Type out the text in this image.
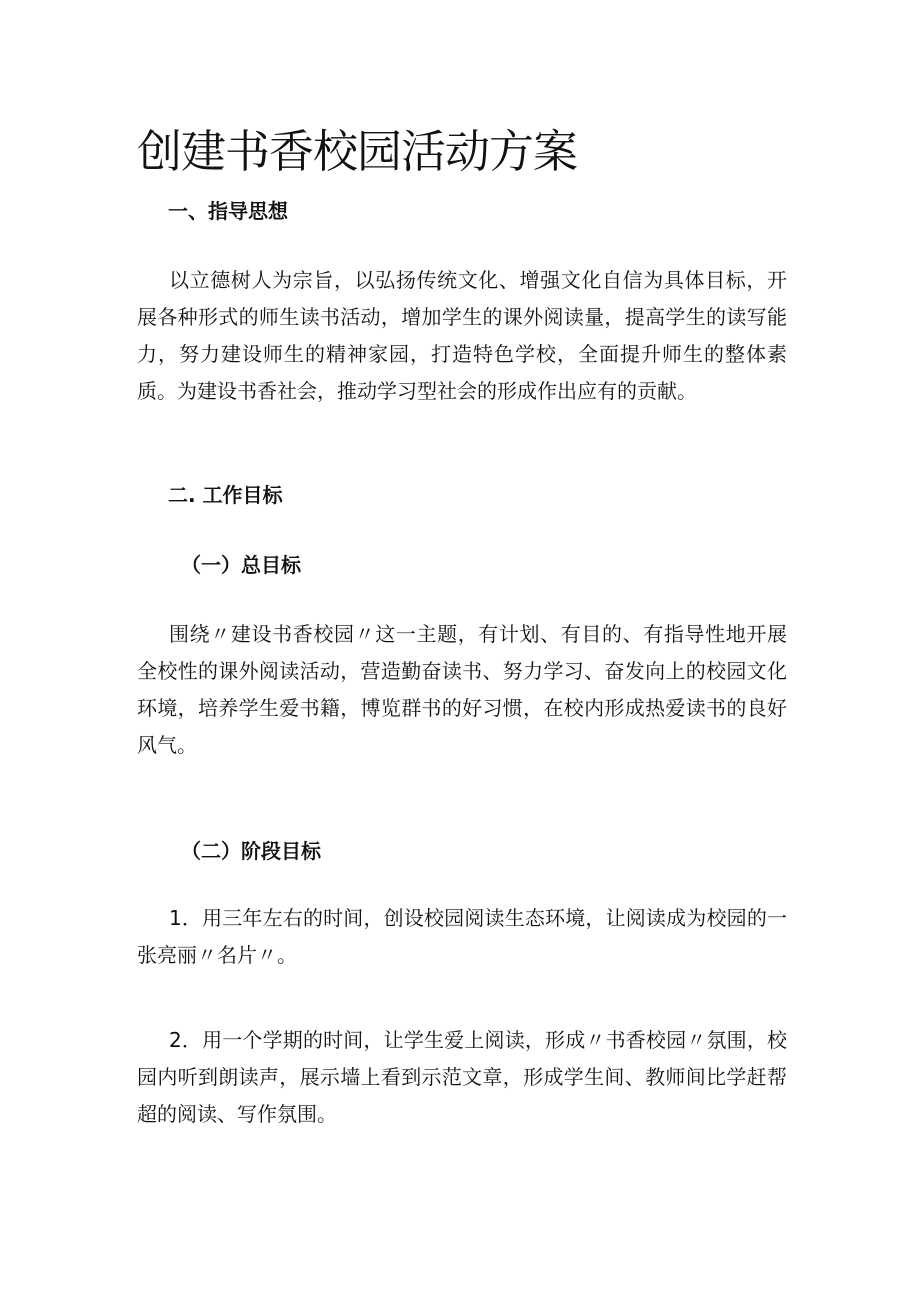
创建书香校园活动方案
一、指导思想

以立德树人为宗旨，以弘扬传统文化、增强文化自信为具体目标，开展各种形式的师生读书活动，增加学生的课外阅读量，提高学生的读写能力，努力建设师生的精神家园，打造特色学校，全面提升师生的整体素质。为建设书香社会，推动学习型社会的形成作出应有的贡献。

二. 工作目标
（一）总目标

围绕〃建设书香校园〃这一主题，有计划、有目的、有指导性地开展全校性的课外阅读活动，营造勤奋读书、努力学习、奋发向上的校园文化环境，培养学生爱书籍，博览群书的好习惯，在校内形成热爱读书的良好风气。

（二）阶段目标

1．用三年左右的时间，创设校园阅读生态环境，让阅读成为校园的一张亮丽〃名片〃。

2．用一个学期的时间，让学生爱上阅读，形成〃书香校园〃氛围，校园内听到朗读声，展示墙上看到示范文章，形成学生间、教师间比学赶帮超的阅读、写作氛围。
